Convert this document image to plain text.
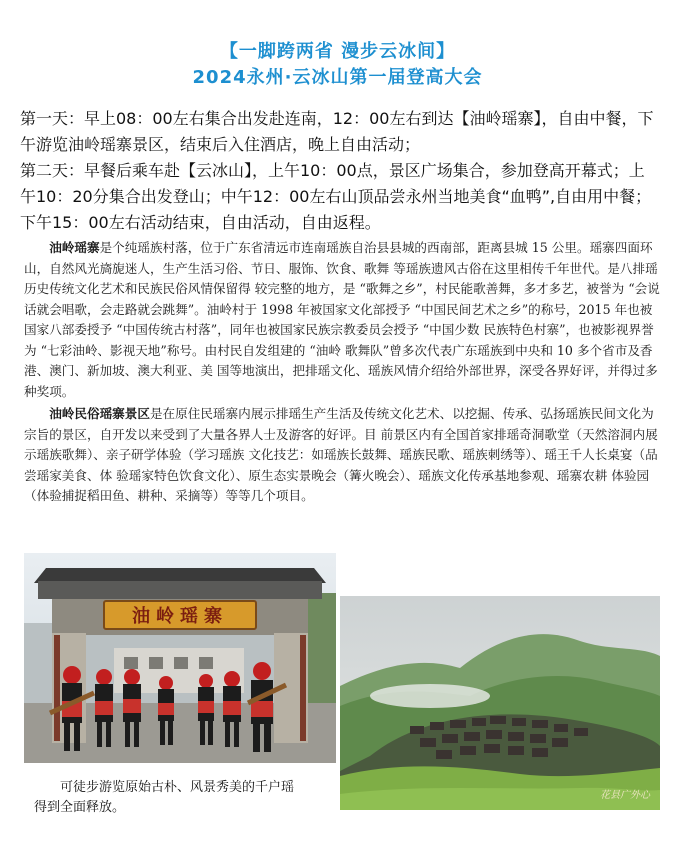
【一脚跨两省 漫步云冰间】
2024永州·云冰山第一届登高大会

第一天：早上08：00左右集合出发赴连南，12：00左右到达【油岭瑶寨】，自由中餐，下午游览油岭瑶寨景区，结束后入住酒店，晚上自由活动；

第二天：早餐后乘车赴【云冰山】，上午10：00点，景区广场集合，参加登高开幕式；上午10：20分集合出发登山；中午12：00左右山顶品尝永州当地美食“血鸭”,自由用中餐；下午15：00左右活动结束，自由活动，自由返程。

油岭瑶寨是个纯瑶族村落，位于广东省清远市连南瑶族自治县县城的西南部，距离县城 15 公里。瑶寨四面环山，自然风光旖旎迷人，生产生活习俗、节日、服饰、饮食、歌舞 等瑶族遗风古俗在这里相传千年世代。是八排瑶历史传统文化艺术和民族民俗风情保留得 较完整的地方，是 “歌舞之乡”，村民能歌善舞，多才多艺，被誉为 “会说话就会唱歌，会走路就会跳舞”。油岭村于 1998 年被国家文化部授予 “中国民间艺术之乡”的称号，2015 年也被国家八部委授予 “中国传统古村落”，同年也被国家民族宗教委员会授予 “中国少数 民族特色村寨”，也被影视界誉为 “七彩油岭、影视天地”称号。由村民自发组建的 “油岭 歌舞队”曾多次代表广东瑶族到中央和 10 多个省市及香港、澳门、新加坡、澳大利亚、美 国等地演出，把排瑶文化、瑶族风情介绍给外部世界，深受各界好评，并得过多种奖项。

油岭民俗瑶寨景区是在原住民瑶寨内展示排瑶生产生活及传统文化艺术、以挖掘、传承、弘扬瑶族民间文化为宗旨的景区，自开发以来受到了大量各界人士及游客的好评。目 前景区内有全国首家排瑶奇洞歌堂（天然溶洞内展示瑶族歌舞）、亲子研学体验（学习瑶族 文化技艺：如瑶族长鼓舞、瑶族民歌、瑶族刺绣等）、瑶王千人长桌宴（品尝瑶家美食、体 验瑶家特色饮食文化）、原生态实景晚会（篝火晚会）、瑶族文化传承基地参观、瑶寨农耕 体验园（体验捕捉稻田鱼、耕种、采摘等）等等几个项目。

油岭瑶寨

可徒步游览原始古朴、风景秀美的千户瑶

得到全面释放。

花县广外心
